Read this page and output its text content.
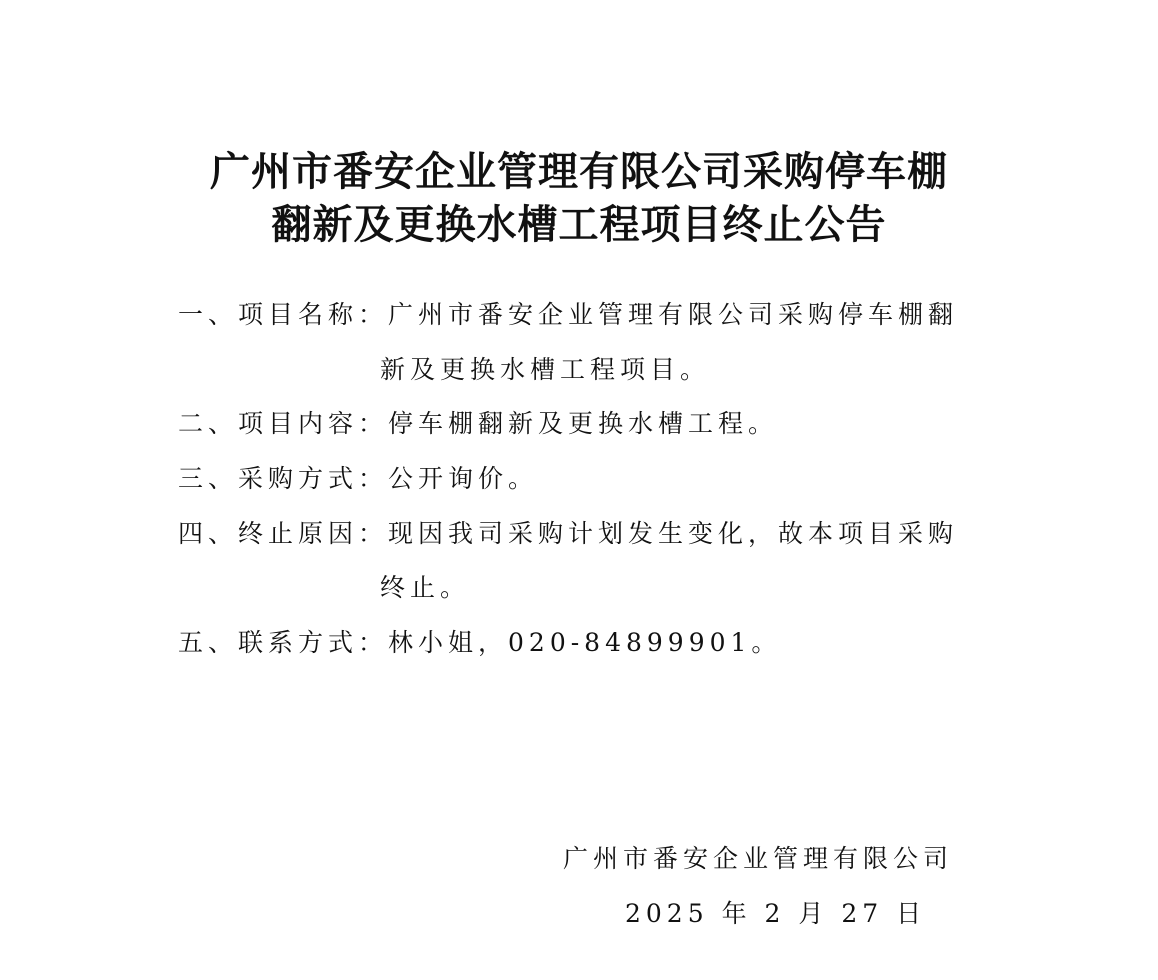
广州市番安企业管理有限公司采购停车棚
翻新及更换水槽工程项目终止公告
一、项目名称：广州市番安企业管理有限公司采购停车棚翻
新及更换水槽工程项目。
二、项目内容：停车棚翻新及更换水槽工程。
三、采购方式：公开询价。
四、终止原因：现因我司采购计划发生变化，故本项目采购
终止。
五、联系方式：林小姐，020-84899901。
广州市番安企业管理有限公司
2025 年 2 月 27 日
